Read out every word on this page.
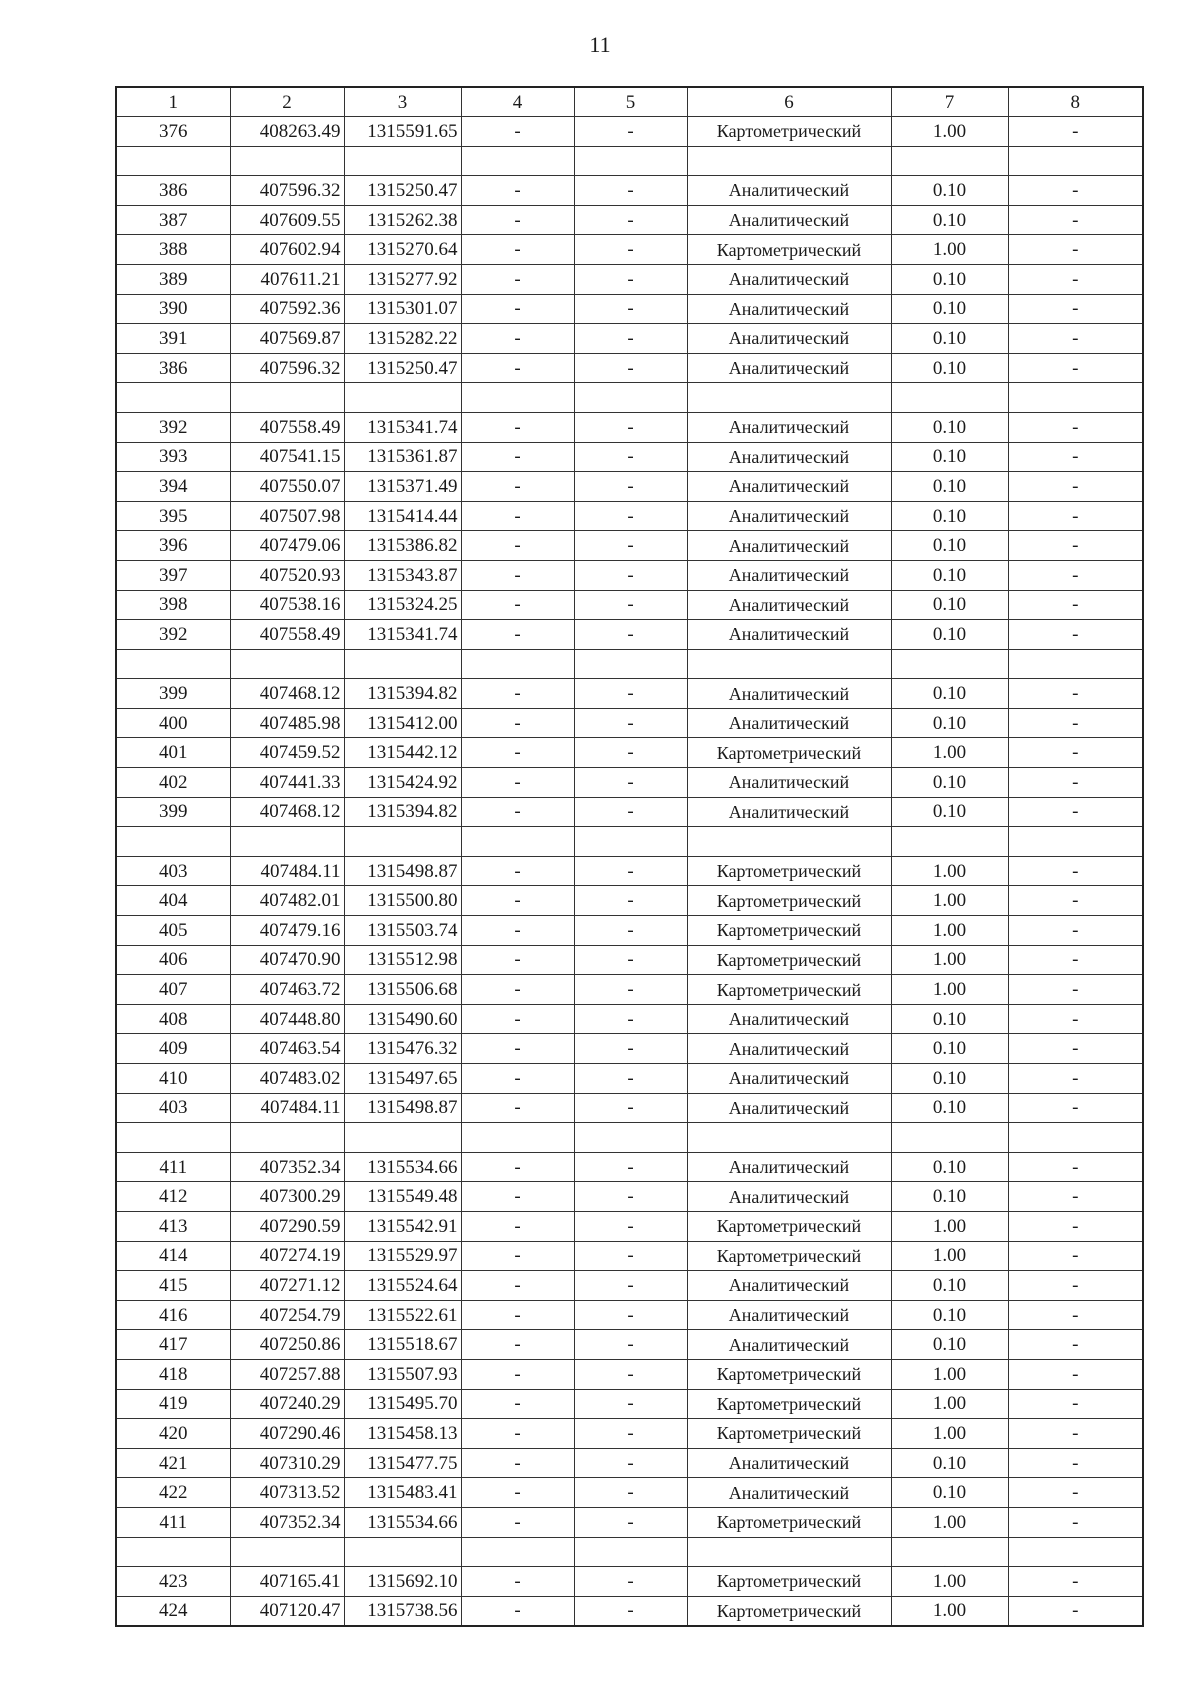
11
1	2	3	4	5	6	7	8
376	408263.49	1315591.65	-	-	Картометрический	1.00	-

386	407596.32	1315250.47	-	-	Аналитический	0.10	-
387	407609.55	1315262.38	-	-	Аналитический	0.10	-
388	407602.94	1315270.64	-	-	Картометрический	1.00	-
389	407611.21	1315277.92	-	-	Аналитический	0.10	-
390	407592.36	1315301.07	-	-	Аналитический	0.10	-
391	407569.87	1315282.22	-	-	Аналитический	0.10	-
386	407596.32	1315250.47	-	-	Аналитический	0.10	-

392	407558.49	1315341.74	-	-	Аналитический	0.10	-
393	407541.15	1315361.87	-	-	Аналитический	0.10	-
394	407550.07	1315371.49	-	-	Аналитический	0.10	-
395	407507.98	1315414.44	-	-	Аналитический	0.10	-
396	407479.06	1315386.82	-	-	Аналитический	0.10	-
397	407520.93	1315343.87	-	-	Аналитический	0.10	-
398	407538.16	1315324.25	-	-	Аналитический	0.10	-
392	407558.49	1315341.74	-	-	Аналитический	0.10	-

399	407468.12	1315394.82	-	-	Аналитический	0.10	-
400	407485.98	1315412.00	-	-	Аналитический	0.10	-
401	407459.52	1315442.12	-	-	Картометрический	1.00	-
402	407441.33	1315424.92	-	-	Аналитический	0.10	-
399	407468.12	1315394.82	-	-	Аналитический	0.10	-

403	407484.11	1315498.87	-	-	Картометрический	1.00	-
404	407482.01	1315500.80	-	-	Картометрический	1.00	-
405	407479.16	1315503.74	-	-	Картометрический	1.00	-
406	407470.90	1315512.98	-	-	Картометрический	1.00	-
407	407463.72	1315506.68	-	-	Картометрический	1.00	-
408	407448.80	1315490.60	-	-	Аналитический	0.10	-
409	407463.54	1315476.32	-	-	Аналитический	0.10	-
410	407483.02	1315497.65	-	-	Аналитический	0.10	-
403	407484.11	1315498.87	-	-	Аналитический	0.10	-

411	407352.34	1315534.66	-	-	Аналитический	0.10	-
412	407300.29	1315549.48	-	-	Аналитический	0.10	-
413	407290.59	1315542.91	-	-	Картометрический	1.00	-
414	407274.19	1315529.97	-	-	Картометрический	1.00	-
415	407271.12	1315524.64	-	-	Аналитический	0.10	-
416	407254.79	1315522.61	-	-	Аналитический	0.10	-
417	407250.86	1315518.67	-	-	Аналитический	0.10	-
418	407257.88	1315507.93	-	-	Картометрический	1.00	-
419	407240.29	1315495.70	-	-	Картометрический	1.00	-
420	407290.46	1315458.13	-	-	Картометрический	1.00	-
421	407310.29	1315477.75	-	-	Аналитический	0.10	-
422	407313.52	1315483.41	-	-	Аналитический	0.10	-
411	407352.34	1315534.66	-	-	Картометрический	1.00	-

423	407165.41	1315692.10	-	-	Картометрический	1.00	-
424	407120.47	1315738.56	-	-	Картометрический	1.00	-
